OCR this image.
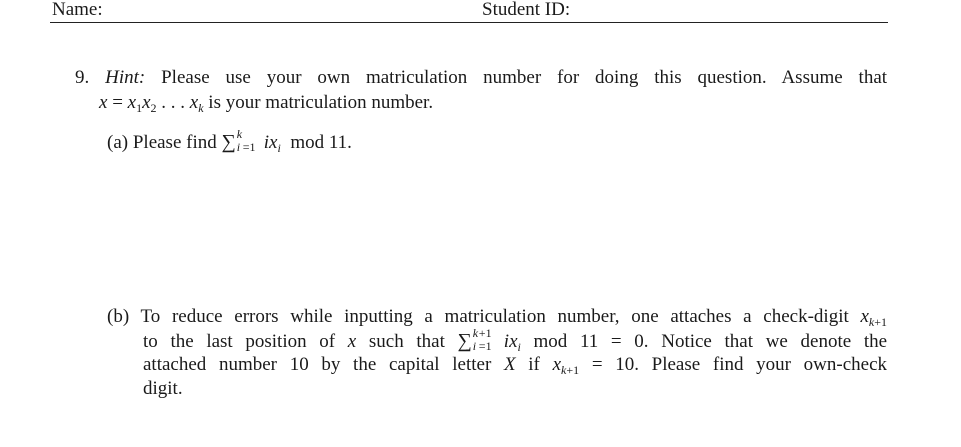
Name:	Student ID:
9. Hint: Please use your own matriculation number for doing this question. Assume that
$x = x_1x_2$ . . . $x_k$ is your matriculation number.
(a) Please find ∑ k
i =1 $ix_i$ mod 11.
(b) To reduce errors while inputting a matriculation number, one attaches a check-digit $x_{k+1}$
to the last position of x such that ∑ k +1
i =1 $ix_i$ mod 11 = 0. Notice that we denote the
attached number 10 by the capital letter X if $x_{k+1} = 10$. Please find your own-check
digit.
